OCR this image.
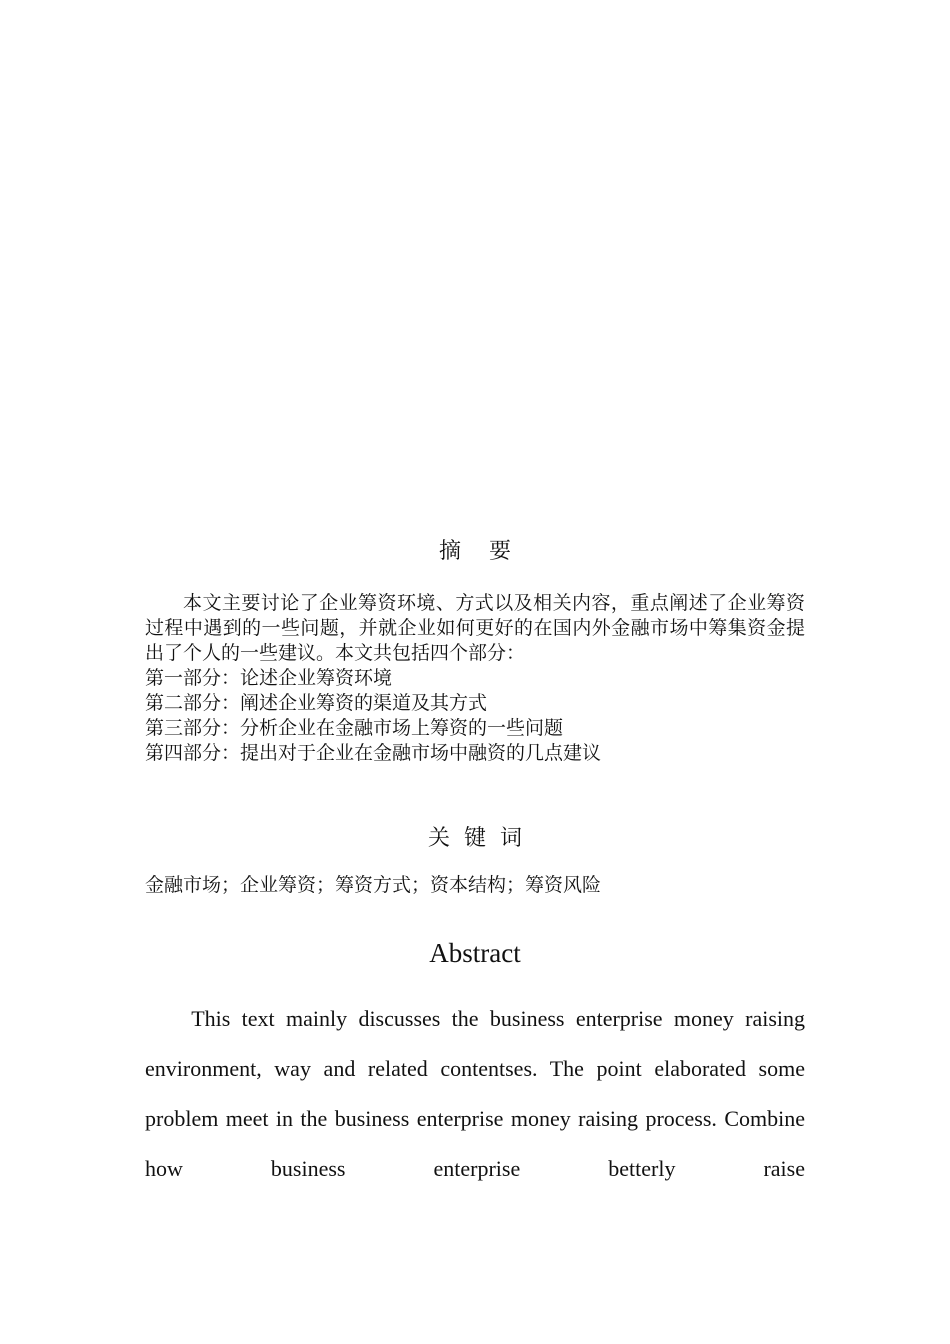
摘    要

本文主要讨论了企业筹资环境、方式以及相关内容，重点阐述了企业筹资过程中遇到的一些问题，并就企业如何更好的在国内外金融市场中筹集资金提出了个人的一些建议。本文共包括四个部分：

第一部分：论述企业筹资环境

第二部分：阐述企业筹资的渠道及其方式

第三部分：分析企业在金融市场上筹资的一些问题

第四部分：提出对于企业在金融市场中融资的几点建议

关  键  词
金融市场；企业筹资；筹资方式；资本结构；筹资风险
Abstract
This text mainly discusses the business enterprise money raising environment, way and related contentses. The point elaborated some problem meet in the business enterprise money raising process. Combine how business enterprise betterly raise
